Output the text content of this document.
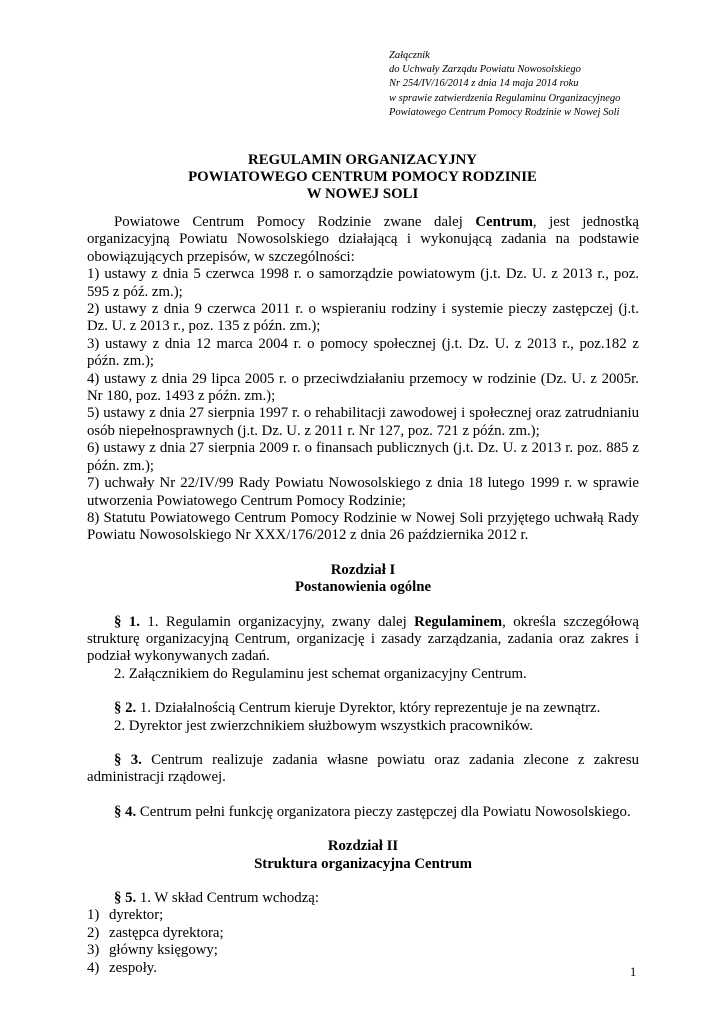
Załącznik
do Uchwały Zarządu Powiatu Nowosolskiego
Nr 254/IV/16/2014 z dnia 14 maja 2014 roku
w sprawie zatwierdzenia Regulaminu Organizacyjnego
Powiatowego Centrum Pomocy Rodzinie w Nowej Soli
REGULAMIN ORGANIZACYJNY
POWIATOWEGO CENTRUM POMOCY RODZINIE
W NOWEJ SOLI

Powiatowe Centrum Pomocy Rodzinie zwane dalej Centrum, jest jednostką organizacyjną Powiatu Nowosolskiego działającą i wykonującą zadania na podstawie obowiązujących przepisów, w szczególności:

1) ustawy z dnia 5 czerwca 1998 r. o samorządzie powiatowym (j.t. Dz. U. z 2013 r., poz. 595 z póź. zm.);

2) ustawy z dnia 9 czerwca 2011 r. o wspieraniu rodziny i systemie pieczy zastępczej (j.t. Dz. U. z 2013 r., poz. 135 z późn. zm.);

3) ustawy z dnia 12 marca 2004 r. o pomocy społecznej (j.t. Dz. U. z 2013 r., poz.182 z późn. zm.);

4) ustawy z dnia 29 lipca 2005 r. o przeciwdziałaniu przemocy w rodzinie (Dz. U. z 2005r. Nr 180, poz. 1493 z późn. zm.);

5) ustawy z dnia 27 sierpnia 1997 r. o rehabilitacji zawodowej i społecznej oraz zatrudnianiu osób niepełnosprawnych (j.t. Dz. U. z 2011 r. Nr 127, poz. 721 z późn. zm.);

6) ustawy z dnia 27 sierpnia 2009 r. o finansach publicznych (j.t. Dz. U. z 2013 r. poz. 885 z późn. zm.);

7) uchwały Nr 22/IV/99 Rady Powiatu Nowosolskiego z dnia 18 lutego 1999 r. w sprawie utworzenia Powiatowego Centrum Pomocy Rodzinie;

8) Statutu Powiatowego Centrum Pomocy Rodzinie w Nowej Soli przyjętego uchwałą Rady Powiatu Nowosolskiego Nr XXX/176/2012 z dnia 26 października 2012 r.

Rozdział I

Postanowienia ogólne

§ 1. 1. Regulamin organizacyjny, zwany dalej Regulaminem, określa szczegółową strukturę organizacyjną Centrum, organizację i zasady zarządzania, zadania oraz zakres i podział wykonywanych zadań.

2. Załącznikiem do Regulaminu jest schemat organizacyjny Centrum.

§ 2. 1. Działalnością Centrum kieruje Dyrektor, który reprezentuje je na zewnątrz.

2. Dyrektor jest zwierzchnikiem służbowym wszystkich pracowników.

§ 3. Centrum realizuje zadania własne powiatu oraz zadania zlecone z zakresu administracji rządowej.

§ 4. Centrum pełni funkcję organizatora pieczy zastępczej dla Powiatu Nowosolskiego.

Rozdział II

Struktura organizacyjna Centrum

§ 5. 1. W skład Centrum wchodzą:

1) dyrektor;
2) zastępca dyrektora;
3) główny księgowy;
4) zespoły.	1
